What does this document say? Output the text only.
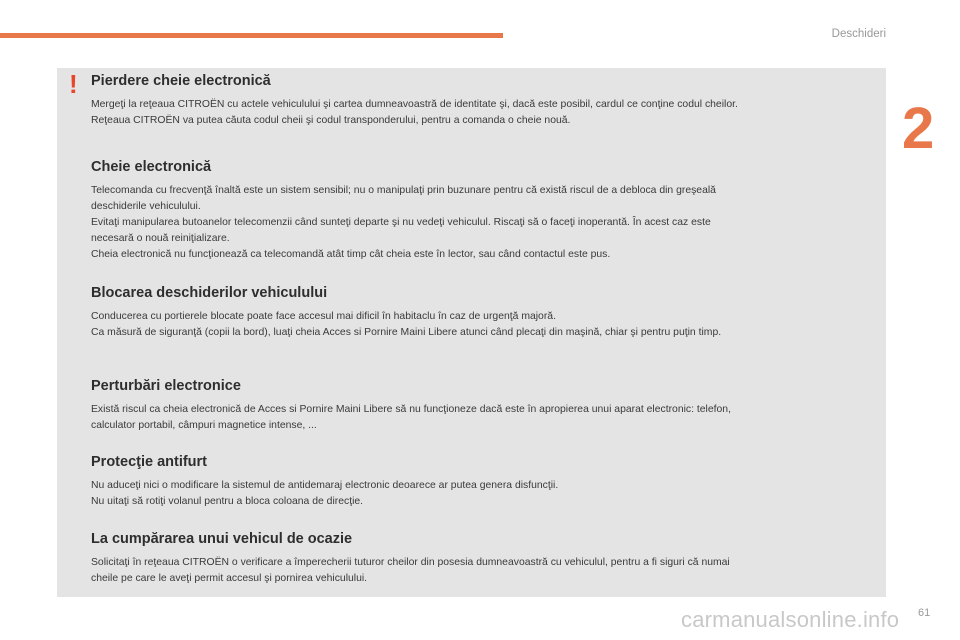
Deschideri
2
! Pierdere cheie electronică

Mergeţi la reţeaua CITROËN cu actele vehiculului şi cartea dumneavoastră de identitate şi, dacă este posibil, cardul ce conţine codul cheilor.

Reţeaua CITROËN va putea căuta codul cheii şi codul transponderului, pentru a comanda o cheie nouă.

Cheie electronică

Telecomanda cu frecvenţă înaltă este un sistem sensibil; nu o manipulaţi prin buzunare pentru că există riscul de a debloca din greşeală

deschiderile vehiculului.

Evitaţi manipularea butoanelor telecomenzii când sunteţi departe şi nu vedeţi vehiculul. Riscaţi să o faceţi inoperantă. În acest caz este

necesară o nouă reiniţializare.

Cheia electronică nu funcţionează ca telecomandă atât timp cât cheia este în lector, sau când contactul este pus.

Blocarea deschiderilor vehiculului

Conducerea cu portierele blocate poate face accesul mai dificil în habitaclu în caz de urgenţă majoră.

Ca măsură de siguranţă (copii la bord), luaţi cheia Acces si Pornire Maini Libere atunci când plecaţi din maşină, chiar şi pentru puţin timp.

Perturbări electronice

Există riscul ca cheia electronică de Acces si Pornire Maini Libere să nu funcţioneze dacă este în apropierea unui aparat electronic: telefon,

calculator portabil, câmpuri magnetice intense, ...

Protecţie antifurt

Nu aduceţi nici o modificare la sistemul de antidemaraj electronic deoarece ar putea genera disfuncţii.

Nu uitaţi să rotiţi volanul pentru a bloca coloana de direcţie.

La cumpărarea unui vehicul de ocazie

Solicitaţi în reţeaua CITROËN o verificare a împerecherii tuturor cheilor din posesia dumneavoastră cu vehiculul, pentru a fi siguri că numai

cheile pe care le aveţi permit accesul şi pornirea vehiculului.

carmanualsonline.info 61
